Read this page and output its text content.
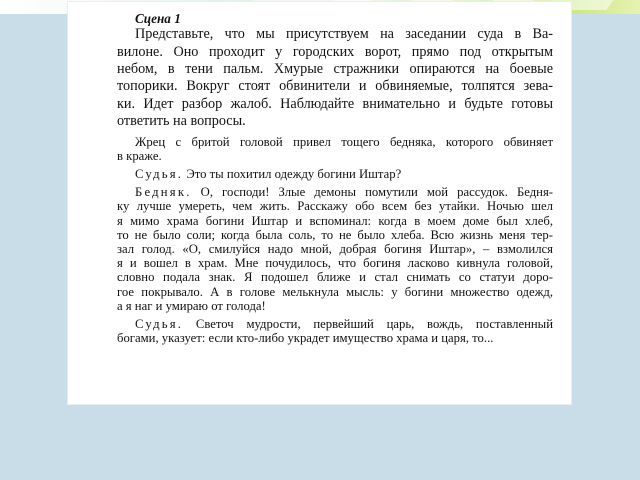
Сцена 1
Представьте, что мы присутствуем на заседании суда в Ва-
вилоне. Оно проходит у городских ворот, прямо под открытым
небом, в тени пальм. Хмурые стражники опираются на боевые
топорики. Вокруг стоят обвинители и обвиняемые, толпятся зева-
ки. Идет разбор жалоб. Наблюдайте внимательно и будьте готовы
ответить на вопросы.
Жрец с бритой головой привел тощего бедняка, которого обвиняет
в краже.
Судья. Это ты похитил одежду богини Иштар?
Бедняк. О, господи! Злые демоны помутили мой рассудок. Бедня-
ку лучше умереть, чем жить. Расскажу обо всем без утайки. Ночью шел
я мимо храма богини Иштар и вспоминал: когда в моем доме был хлеб,
то не было соли; когда была соль, то не было хлеба. Всю жизнь меня тер-
зал голод. «О, смилуйся надо мной, добрая богиня Иштар», – взмолился
я и вошел в храм. Мне почудилось, что богиня ласково кивнула головой,
словно подала знак. Я подошел ближе и стал снимать со статуи доро-
гое покрывало. А в голове мелькнула мысль: у богини множество одежд,
а я наг и умираю от голода!
Судья. Светоч мудрости, первейший царь, вождь, поставленный
богами, указует: если кто-либо украдет имущество храма и царя, то...
